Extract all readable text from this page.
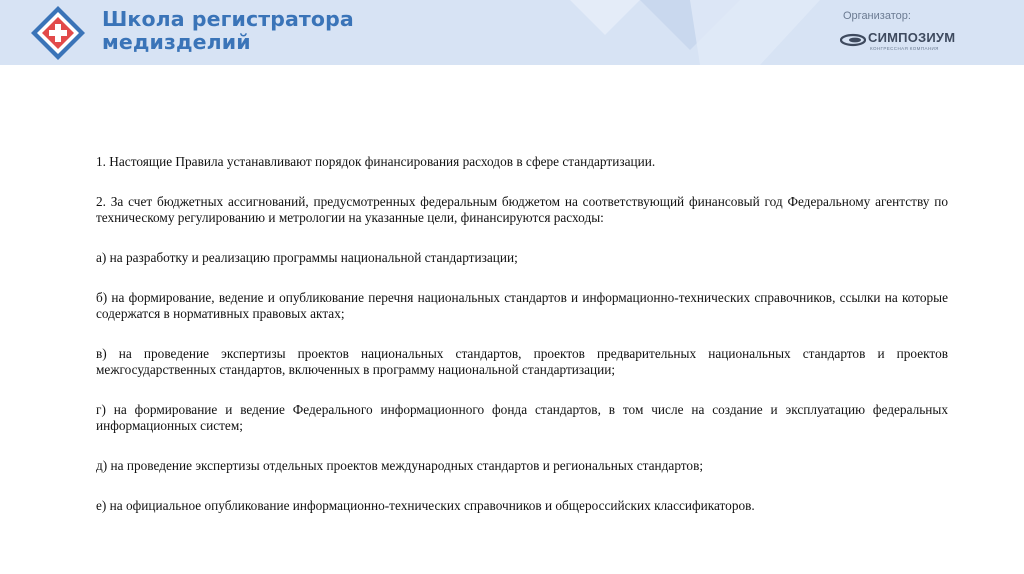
Школа регистратора
медизделий
Организатор:
СИМПОЗИУМ
КОНГРЕССНАЯ КОМПАНИЯ

1. Настоящие Правила устанавливают порядок финансирования расходов в сфере стандартизации.

2. За счет бюджетных ассигнований, предусмотренных федеральным бюджетом на соответствующий финансовый год Федеральному агентству по техническому регулированию и метрологии на указанные цели, финансируются расходы:

а) на разработку и реализацию программы национальной стандартизации;

б) на формирование, ведение и опубликование перечня национальных стандартов и информационно-технических справочников, ссылки на которые содержатся в нормативных правовых актах;

в) на проведение экспертизы проектов национальных стандартов, проектов предварительных национальных стандартов и проектов межгосударственных стандартов, включенных в программу национальной стандартизации;

г) на формирование и ведение Федерального информационного фонда стандартов, в том числе на создание и эксплуатацию федеральных информационных систем;

д) на проведение экспертизы отдельных проектов международных стандартов и региональных стандартов;

е) на официальное опубликование информационно-технических справочников и общероссийских классификаторов.
